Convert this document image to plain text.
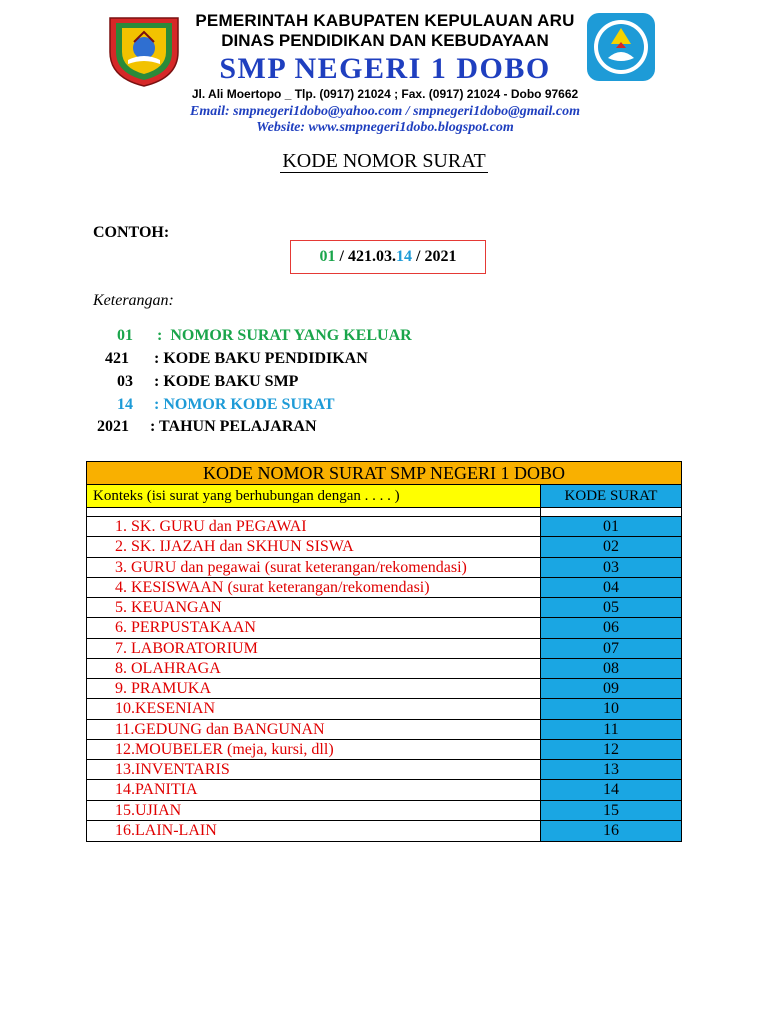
PEMERINTAH KABUPATEN KEPULAUAN ARU
DINAS PENDIDIKAN DAN KEBUDAYAAN
SMP NEGERI 1 DOBO
Jl. Ali Moertopo _ Tlp. (0917) 21024 ; Fax. (0917) 21024 - Dobo 97662
Email: smpnegeri1dobo@yahoo.com / smpnegeri1dobo@gmail.com
Website: www.smpnegeri1dobo.blogspot.com
KODE NOMOR SURAT
CONTOH:
01 / 421.03.14 / 2021
Keterangan:
01 :  NOMOR SURAT YANG KELUAR
421 : KODE BAKU PENDIDIKAN
03 : KODE BAKU SMP
14 : NOMOR KODE SURAT
2021 : TAHUN PELAJARAN
KODE NOMOR SURAT SMP NEGERI 1 DOBO
Konteks (isi surat yang berhubungan dengan . . . . )	KODE SURAT
1. SK. GURU dan PEGAWAI	01
2. SK. IJAZAH dan SKHUN SISWA	02
3. GURU dan pegawai (surat keterangan/rekomendasi)	03
4. KESISWAAN (surat keterangan/rekomendasi)	04
5. KEUANGAN	05
6. PERPUSTAKAAN	06
7. LABORATORIUM	07
8. OLAHRAGA	08
9. PRAMUKA	09
10.KESENIAN	10
11.GEDUNG dan BANGUNAN	11
12.MOUBELER (meja, kursi, dll)	12
13.INVENTARIS	13
14.PANITIA	14
15.UJIAN	15
16.LAIN-LAIN	16
